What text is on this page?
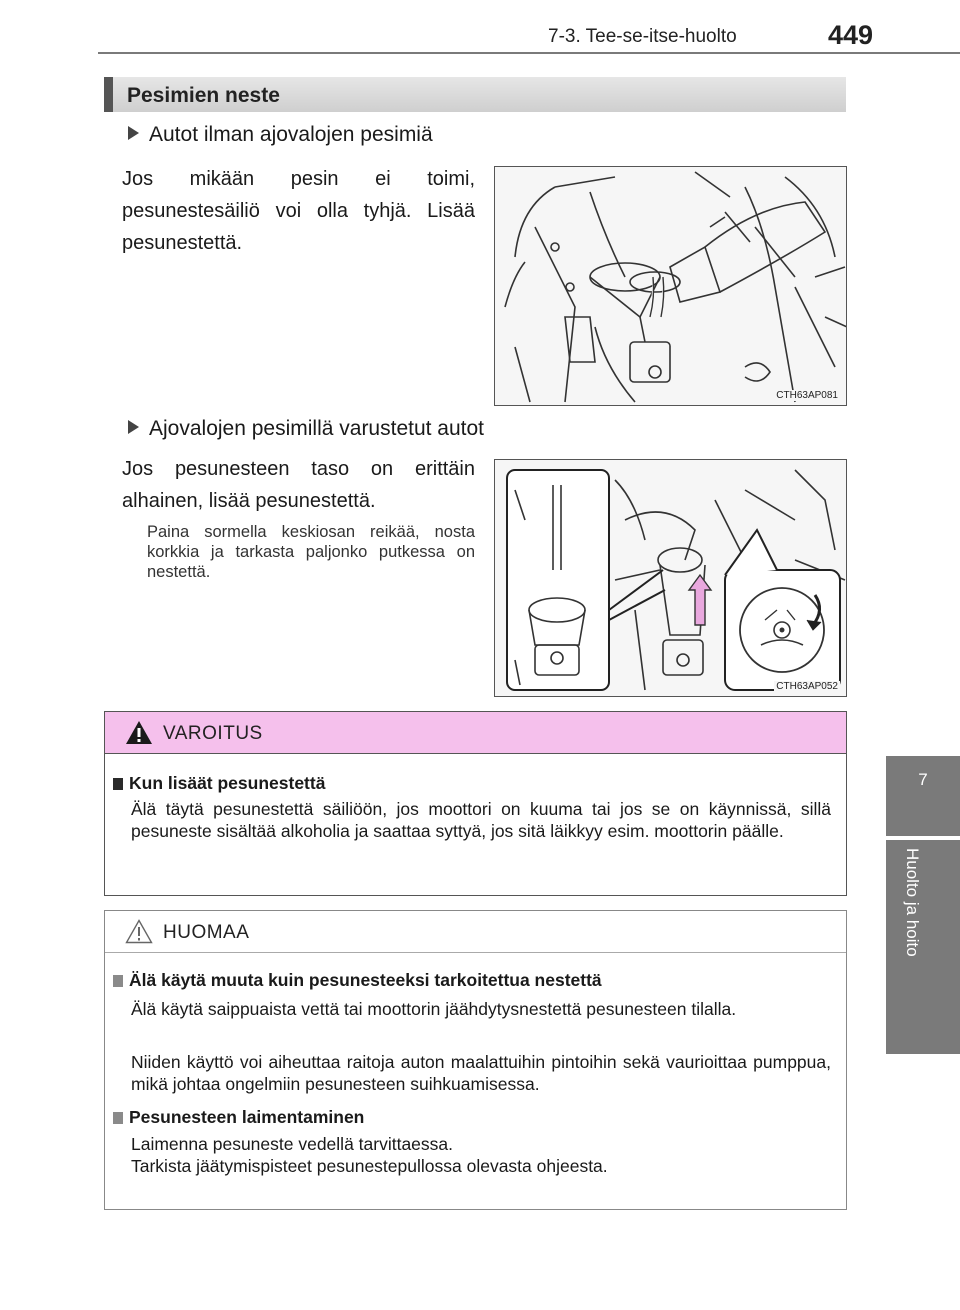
7-3. Tee-se-itse-huolto	449
7
Huolto ja hoito
Pesimien neste
Autot ilman ajovalojen pesimiä
Jos mikään pesin ei toimi, pesunestesäiliö voi olla tyhjä. Lisää pesunestettä.
CTH63AP081
Ajovalojen pesimillä varustetut autot
Jos pesunesteen taso on erittäin alhainen, lisää pesunestettä.
Paina sormella keskiosan reikää, nosta korkkia ja tarkasta paljonko putkessa on nestettä.
CTH63AP052
VAROITUS
Kun lisäät pesunestettä
Älä täytä pesunestettä säiliöön, jos moottori on kuuma tai jos se on käynnissä, sillä pesuneste sisältää alkoholia ja saattaa syttyä, jos sitä läikkyy esim. moottorin päälle.
HUOMAA
Älä käytä muuta kuin pesunesteeksi tarkoitettua nestettä
Älä käytä saippuaista vettä tai moottorin jäähdytysnestettä pesunesteen tilalla.
Niiden käyttö voi aiheuttaa raitoja auton maalattuihin pintoihin sekä vaurioittaa pumppua, mikä johtaa ongelmiin pesunesteen suihkuamisessa.
Pesunesteen laimentaminen
Laimenna pesuneste vedellä tarvittaessa.
Tarkista jäätymispisteet pesunestepullossa olevasta ohjeesta.
